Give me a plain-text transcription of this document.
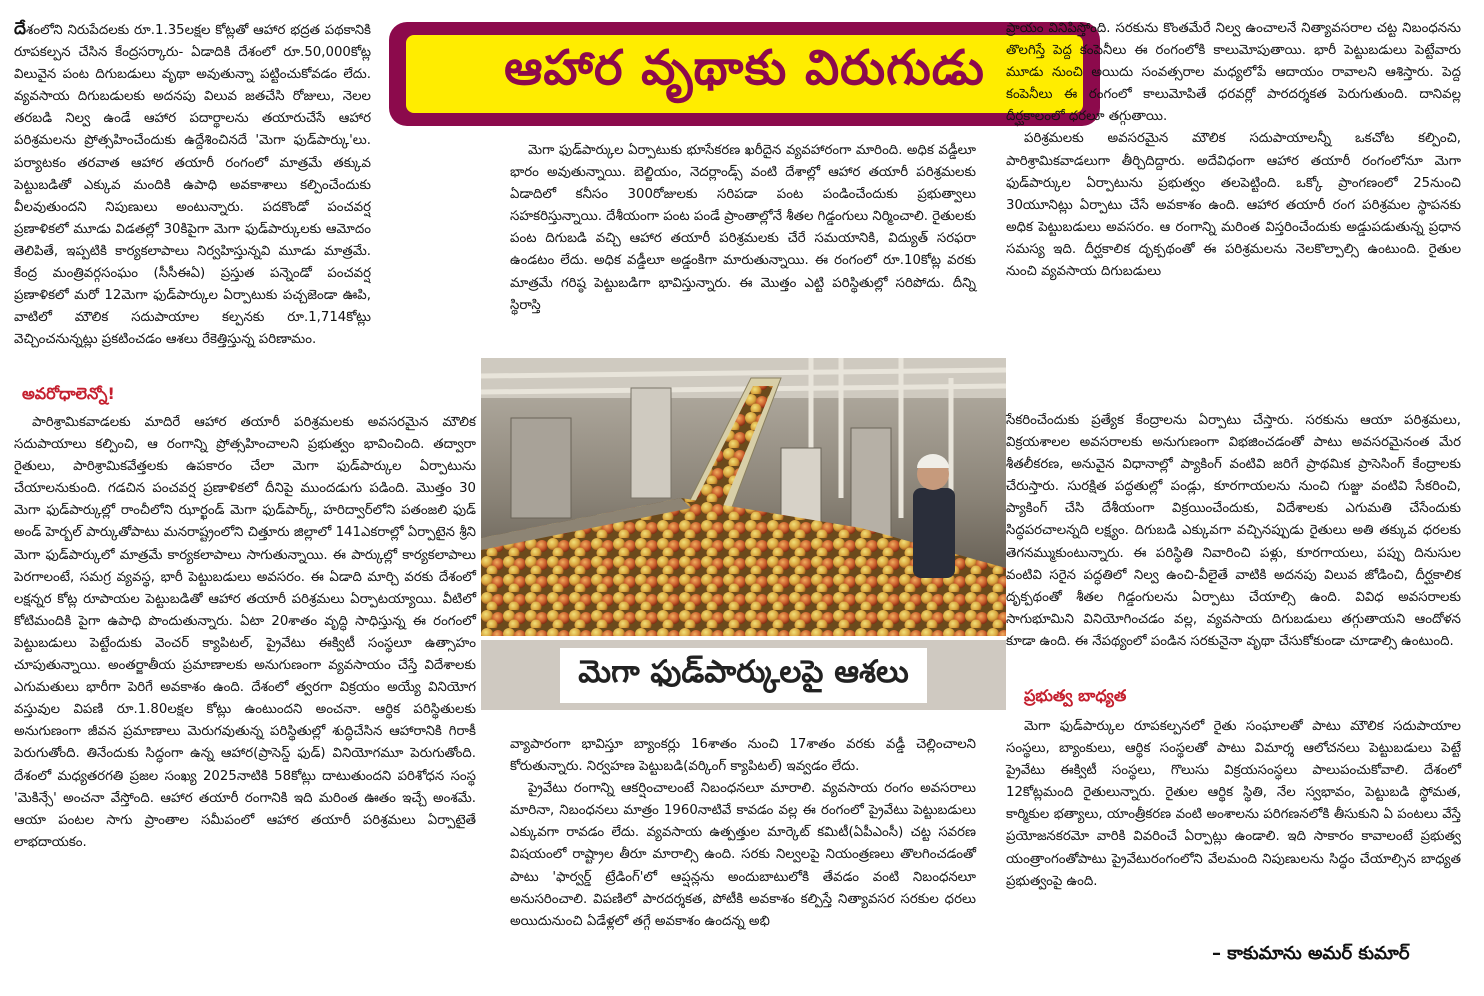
ఆహార వృథాకు విరుగుడు

దేశంలోని నిరుపేదలకు రూ.1.35లక్షల కోట్లతో ఆహార భద్రత పథకానికి రూపకల్పన చేసిన కేంద్రసర్కారు- ఏడాదికి దేశంలో రూ.50,000కోట్ల విలువైన పంట దిగుబడులు వృథా అవుతున్నా పట్టించుకోవడం లేదు. వ్యవసాయ దిగుబడులకు అదనపు విలువ జతచేసి రోజులు, నెలల తరబడి నిల్వ ఉండే ఆహార పదార్థాలను తయారుచేసే ఆహార పరిశ్రమలను ప్రోత్సహించేందుకు ఉద్దేశించినదే 'మెగా ఫుడ్‌పార్కు'లు. పర్యాటకం తరవాత ఆహార తయారీ రంగంలో మాత్రమే తక్కువ పెట్టుబడితో ఎక్కువ మందికి ఉపాధి అవకాశాలు కల్పించేందుకు వీలవుతుందని నిపుణులు అంటున్నారు. పదకొండో పంచవర్ష ప్రణాళికలో మూడు విడతల్లో 30కిపైగా మెగా ఫుడ్‌పార్కులకు ఆమోదం తెలిపితే, ఇప్పటికి కార్యకలాపాలు నిర్వహిస్తున్నవి మూడు మాత్రమే. కేంద్ర మంత్రివర్గసంఘం (సీసీఈఏ) ప్రస్తుత పన్నెండో పంచవర్ష ప్రణాళికలో మరో 12మెగా ఫుడ్‌పార్కుల ఏర్పాటుకు పచ్చజెండా ఊపి, వాటిలో మౌలిక సదుపాయాల కల్పనకు రూ.1,714కోట్లు వెచ్చించనున్నట్లు ప్రకటించడం ఆశలు రేకెత్తిస్తున్న పరిణామం.

అవరోధాలెన్నో!

పారిశ్రామికవాడలకు మాదిరే ఆహార తయారీ పరిశ్రమలకు అవసరమైన మౌలిక సదుపాయాలు కల్పించి, ఆ రంగాన్ని ప్రోత్సహించాలని ప్రభుత్వం భావించింది. తద్వారా రైతులు, పారిశ్రామికవేత్తలకు ఉపకారం చేలా మెగా ఫుడ్‌పార్కుల ఏర్పాటును చేయాలనుకుంది. గడచిన పంచవర్ష ప్రణాళికలో దీనిపై ముందడుగు పడింది. మొత్తం 30 మెగా ఫుడ్‌పార్కుల్లో రాంచీలోని ఝార్ఖండ్ మెగా ఫుడ్‌పార్క్, హరిద్వార్‌లోని పతంజలి ఫుడ్ అండ్ హెర్బల్ పార్కుతోపాటు మనరాష్ట్రంలోని చిత్తూరు జిల్లాలో 141ఎకరాల్లో ఏర్పాటైన శ్రీని మెగా ఫుడ్‌పార్కులో మాత్రమే కార్యకలాపాలు సాగుతున్నాయి. ఈ పార్కుల్లో కార్యకలాపాలు పెరగాలంటే, సమగ్ర వ్యవస్థ, భారీ పెట్టుబడులు అవసరం. ఈ ఏడాది మార్చి వరకు దేశంలో లక్షన్నర కోట్ల రూపాయల పెట్టుబడితో ఆహార తయారీ పరిశ్రమలు ఏర్పాటయ్యాయి. వీటిలో కోటిమందికి పైగా ఉపాధి పొందుతున్నారు. ఏటా 20శాతం వృద్ధి సాధిస్తున్న ఈ రంగంలో పెట్టుబడులు పెట్టేందుకు వెంచర్ క్యాపిటల్, ప్రైవేటు ఈక్విటీ సంస్థలూ ఉత్సాహం చూపుతున్నాయి. అంతర్జాతీయ ప్రమాణాలకు అనుగుణంగా వ్యవసాయం చేస్తే విదేశాలకు ఎగుమతులు భారీగా పెరిగే అవకాశం ఉంది. దేశంలో త్వరగా విక్రయం అయ్యే వినియోగ వస్తువుల విపణి రూ.1.80లక్షల కోట్లు ఉంటుందని అంచనా. ఆర్థిక పరిస్థితులకు అనుగుణంగా జీవన ప్రమాణాలు మెరుగవుతున్న పరిస్థితుల్లో శుద్ధిచేసిన ఆహారానికి గిరాకీ పెరుగుతోంది. తినేందుకు సిద్ధంగా ఉన్న ఆహార(ప్రాసెస్డ్ ఫుడ్) వినియోగమూ పెరుగుతోంది. దేశంలో మధ్యతరగతి ప్రజల సంఖ్య 2025నాటికి 58కోట్లు దాటుతుందని పరిశోధన సంస్థ 'మెకిన్సే' అంచనా వేస్తోంది. ఆహార తయారీ రంగానికి ఇది మరింత ఊతం ఇచ్చే అంశమే. ఆయా పంటల సాగు ప్రాంతాల సమీపంలో ఆహార తయారీ పరిశ్రమలు ఏర్పాటైతే లాభదాయకం.

మెగా ఫుడ్‌పార్కుల ఏర్పాటుకు భూసేకరణ ఖరీదైన వ్యవహారంగా మారింది. అధిక వడ్డీలూ భారం అవుతున్నాయి. బెల్జియం, నెదర్లాండ్స్ వంటి దేశాల్లో ఆహార తయారీ పరిశ్రమలకు ఏడాదిలో కనీసం 300రోజులకు సరిపడా పంట పండించేందుకు ప్రభుత్వాలు సహకరిస్తున్నాయి. దేశీయంగా పంట పండే ప్రాంతాల్లోనే శీతల గిడ్డంగులు నిర్మించాలి. రైతులకు పంట దిగుబడి వచ్చి ఆహార తయారీ పరిశ్రమలకు చేరే సమయానికి, విద్యుత్ సరఫరా ఉండటం లేదు. అధిక వడ్డీలూ అడ్డంకిగా మారుతున్నాయి. ఈ రంగంలో రూ.10కోట్ల వరకు మాత్రమే గరిష్ఠ పెట్టుబడిగా భావిస్తున్నారు. ఈ మొత్తం ఎట్టి పరిస్థితుల్లో సరిపోదు. దీన్ని స్థిరాస్తి

మెగా ఫుడ్‌పార్కులపై ఆశలు

వ్యాపారంగా భావిస్తూ బ్యాంకర్లు 16శాతం నుంచి 17శాతం వరకు వడ్డీ చెల్లించాలని కోరుతున్నారు. నిర్వహణ పెట్టుబడి(వర్కింగ్ క్యాపిటల్) ఇవ్వడం లేదు.

ప్రైవేటు రంగాన్ని ఆకర్షించాలంటే నిబంధనలూ మారాలి. వ్యవసాయ రంగం అవసరాలు మారినా, నిబంధనలు మాత్రం 1960నాటివే కావడం వల్ల ఈ రంగంలో ప్రైవేటు పెట్టుబడులు ఎక్కువగా రావడం లేదు. వ్యవసాయ ఉత్పత్తుల మార్కెట్ కమిటీ(ఏపీఎంసీ) చట్ట సవరణ విషయంలో రాష్ట్రాల తీరూ మారాల్సి ఉంది. సరకు నిల్వలపై నియంత్రణలు తొలగించడంతో పాటు 'ఫార్వర్డ్ ట్రేడింగ్'లో ఆప్షన్లను అందుబాటులోకి తేవడం వంటి నిబంధనలూ అనుసరించాలి. విపణిలో పారదర్శకత, పోటీకి అవకాశం కల్పిస్తే నిత్యావసర సరకుల ధరలు అయిదునుంచి ఏడేళ్లలో తగ్గే అవకాశం ఉందన్న అభి

ప్రాయం వినిపిస్తోంది. సరకును కొంతమేరే నిల్వ ఉంచాలనే నిత్యావసరాల చట్ట నిబంధనను తొలగిస్తే పెద్ద కంపెనీలు ఈ రంగంలోకి కాలుమోపుతాయి. భారీ పెట్టుబడులు పెట్టేవారు మూడు నుంచి అయిదు సంవత్సరాల మధ్యలోపే ఆదాయం రావాలని ఆశిస్తారు. పెద్ద కంపెనీలు ఈ రంగంలో కాలుమోపితే ధరవర్లో పారదర్శకత పెరుగుతుంది. దానివల్ల దీర్ఘకాలంలో ధరలూ తగ్గుతాయి.

పరిశ్రమలకు అవసరమైన మౌలిక సదుపాయాలన్నీ ఒకచోట కల్పించి, పారిశ్రామికవాడలుగా తీర్చిదిద్దారు. అదేవిధంగా ఆహార తయారీ రంగంలోనూ మెగా ఫుడ్‌పార్కుల ఏర్పాటును ప్రభుత్వం తలపెట్టింది. ఒక్కో ప్రాంగణంలో 25నుంచి 30యూనిట్లు ఏర్పాటు చేసే అవకాశం ఉంది. ఆహార తయారీ రంగ పరిశ్రమల స్థాపనకు అధిక పెట్టుబడులు అవసరం. ఆ రంగాన్ని మరింత విస్తరించేందుకు అడ్డుపడుతున్న ప్రధాన సమస్య ఇది. దీర్ఘకాలిక దృక్పథంతో ఈ పరిశ్రమలను నెలకొల్పాల్సి ఉంటుంది. రైతుల నుంచి వ్యవసాయ దిగుబడులు

సేకరించేందుకు ప్రత్యేక కేంద్రాలను ఏర్పాటు చేస్తారు. సరకును ఆయా పరిశ్రమలు, విక్రయశాలల అవసరాలకు అనుగుణంగా విభజించడంతో పాటు అవసరమైనంత మేర శీతలీకరణ, అనువైన విధానాల్లో ప్యాకింగ్ వంటివి జరిగే ప్రాథమిక ప్రాసెసింగ్ కేంద్రాలకు చేరుస్తారు. సురక్షిత పద్ధతుల్లో పండ్లు, కూరగాయలను నుంచి గుజ్జు వంటివి సేకరించి, ప్యాకింగ్ చేసి దేశీయంగా విక్రయించేందుకు, విదేశాలకు ఎగుమతి చేసేందుకు సిద్ధపరచాలన్నది లక్ష్యం. దిగుబడి ఎక్కువగా వచ్చినప్పుడు రైతులు అతి తక్కువ ధరలకు తెగనమ్ముకుంటున్నారు. ఈ పరిస్థితి నివారించి పళ్లు, కూరగాయలు, పప్పు దినుసుల వంటివి సరైన పద్ధతిలో నిల్వ ఉంచి-వీలైతే వాటికి అదనపు విలువ జోడించి, దీర్ఘకాలిక దృక్పథంతో శీతల గిడ్డంగులను ఏర్పాటు చేయాల్సి ఉంది. వివిధ అవసరాలకు సాగుభూమిని వినియోగించడం వల్ల, వ్యవసాయ దిగుబడులు తగ్గుతాయని ఆందోళన కూడా ఉంది. ఈ నేపథ్యంలో పండిన సరకునైనా వృథా చేసుకోకుండా చూడాల్సి ఉంటుంది.

ప్రభుత్వ బాధ్యత

మెగా ఫుడ్‌పార్కుల రూపకల్పనలో రైతు సంఘాలతో పాటు మౌలిక సదుపాయాల సంస్థలు, బ్యాంకులు, ఆర్థిక సంస్థలతో పాటు విమార్శ ఆలోచనలు పెట్టుబడులు పెట్టే ప్రైవేటు ఈక్విటీ సంస్థలు, గొలుసు విక్రయసంస్థలు పాలుపంచుకోవాలి. దేశంలో 12కోట్లమంది రైతులున్నారు. రైతుల ఆర్థిక స్థితి, నేల స్వభావం, పెట్టుబడి స్థోమత, కార్మికుల భత్యాలు, యాంత్రీకరణ వంటి అంశాలను పరిగణనలోకి తీసుకుని ఏ పంటలు వేస్తే ప్రయోజనకరమో వారికి వివరించే ఏర్పాట్లు ఉండాలి. ఇది సాకారం కావాలంటే ప్రభుత్వ యంత్రాంగంతోపాటు ప్రైవేటురంగంలోని వేలమంది నిపుణులను సిద్ధం చేయాల్సిన బాధ్యత ప్రభుత్వంపై ఉంది.

– కాకుమాను అమర్ కుమార్
